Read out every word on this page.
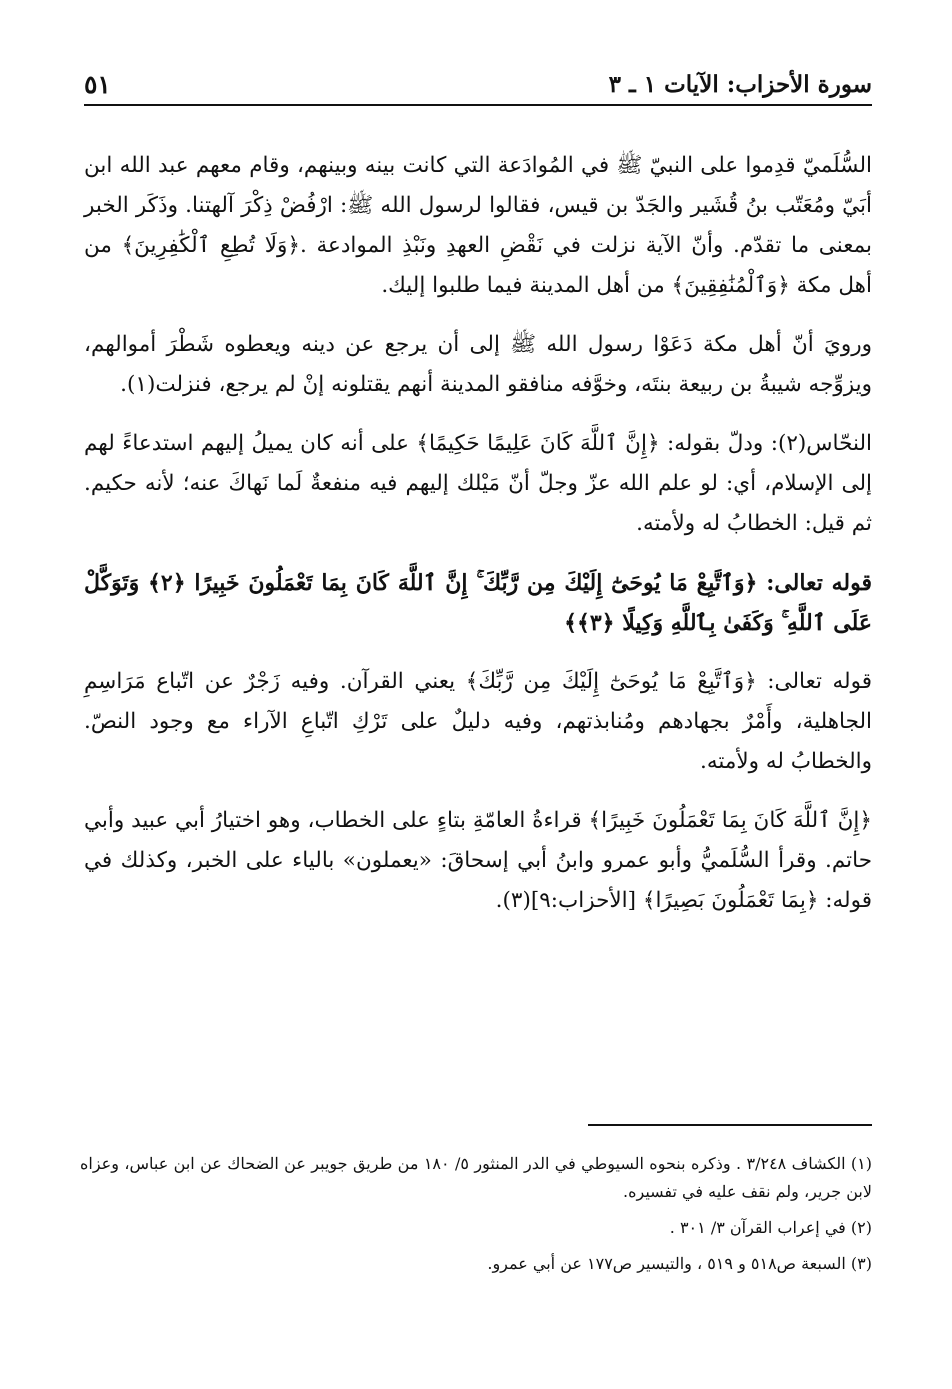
سورة الأحزاب: الآيات ١ ـ ٣
٥١

السُّلَميّ قدِموا على النبيّ ﷺ في المُوادَعة التي كانت بينه وبينهم، وقام معهم عبد الله ابن أبَيّ ومُعَتّب بنُ قُشَير والجَدّ بن قيس، فقالوا لرسول الله ﷺ: ارْفُضْ ذِكْرَ آلهتنا. وذَكَر الخبر بمعنى ما تقدّم. وأنّ الآية نزلت في نَقْضِ العهدِ ونَبْذِ الموادعة .﴿وَلَا تُطِعِ ٱلْكَٰفِرِينَ﴾ من أهل مكة ﴿وَٱلْمُنَٰفِقِينَ﴾ من أهل المدينة فيما طلبوا إليك.

ورويَ أنّ أهل مكة دَعَوْا رسول الله ﷺ إلى أن يرجع عن دينه ويعطوه شَطْرَ أموالهم، ويزوِّجه شيبةُ بن ربيعة بنتَه، وخوَّفه منافقو المدينة أنهم يقتلونه إنْ لم يرجع، فنزلت(١).

النحّاس(٢): ودلّ بقوله: ﴿إِنَّ ٱللَّهَ كَانَ عَلِيمًا حَكِيمًا﴾ على أنه كان يميلُ إليهم استدعاءً لهم إلى الإسلام، أي: لو علم الله عزّ وجلّ أنّ مَيْلك إليهم فيه منفعةٌ لَما نَهاكَ عنه؛ لأنه حكيم. ثم قيل: الخطابُ له ولأمته.

قوله تعالى: ﴿وَٱتَّبِعْ مَا يُوحَىٰٓ إِلَيْكَ مِن رَّبِّكَ ۚ إِنَّ ٱللَّهَ كَانَ بِمَا تَعْمَلُونَ خَبِيرًا ﴿٢﴾ وَتَوَكَّلْ عَلَى ٱللَّهِ ۚ وَكَفَىٰ بِٱللَّهِ وَكِيلًا ﴿٣﴾﴾

قوله تعالى: ﴿وَٱتَّبِعْ مَا يُوحَىٰٓ إِلَيْكَ مِن رَّبِّكَ﴾ يعني القرآن. وفيه زَجْرٌ عن اتّباع مَرَاسِمِ الجاهلية، وأَمْرٌ بجهادهم ومُنابذتهم، وفيه دليلٌ على تَرْكِ اتّباعِ الآراء مع وجود النصّ. والخطابُ له ولأمته.

﴿إِنَّ ٱللَّهَ كَانَ بِمَا تَعْمَلُونَ خَبِيرًا﴾ قراءةُ العامّةِ بتاءٍ على الخطاب، وهو اختيارُ أبي عبيد وأبي حاتم. وقرأ السُّلَميُّ وأبو عمرو وابنُ أبي إسحاقَ: «يعملون» بالياء على الخبر، وكذلك في قوله: ﴿بِمَا تَعْمَلُونَ بَصِيرًا﴾ [الأحزاب:٩](٣).

(١) الكشاف ٣/٢٤٨ . وذكره بنحوه السيوطي في الدر المنثور ٥/ ١٨٠ من طريق جويبر عن الضحاك عن ابن عباس، وعزاه لابن جرير، ولم نقف عليه في تفسيره.

(٢) في إعراب القرآن ٣/ ٣٠١ .

(٣) السبعة ص٥١٨ و ٥١٩ ، والتيسير ص١٧٧ عن أبي عمرو.
